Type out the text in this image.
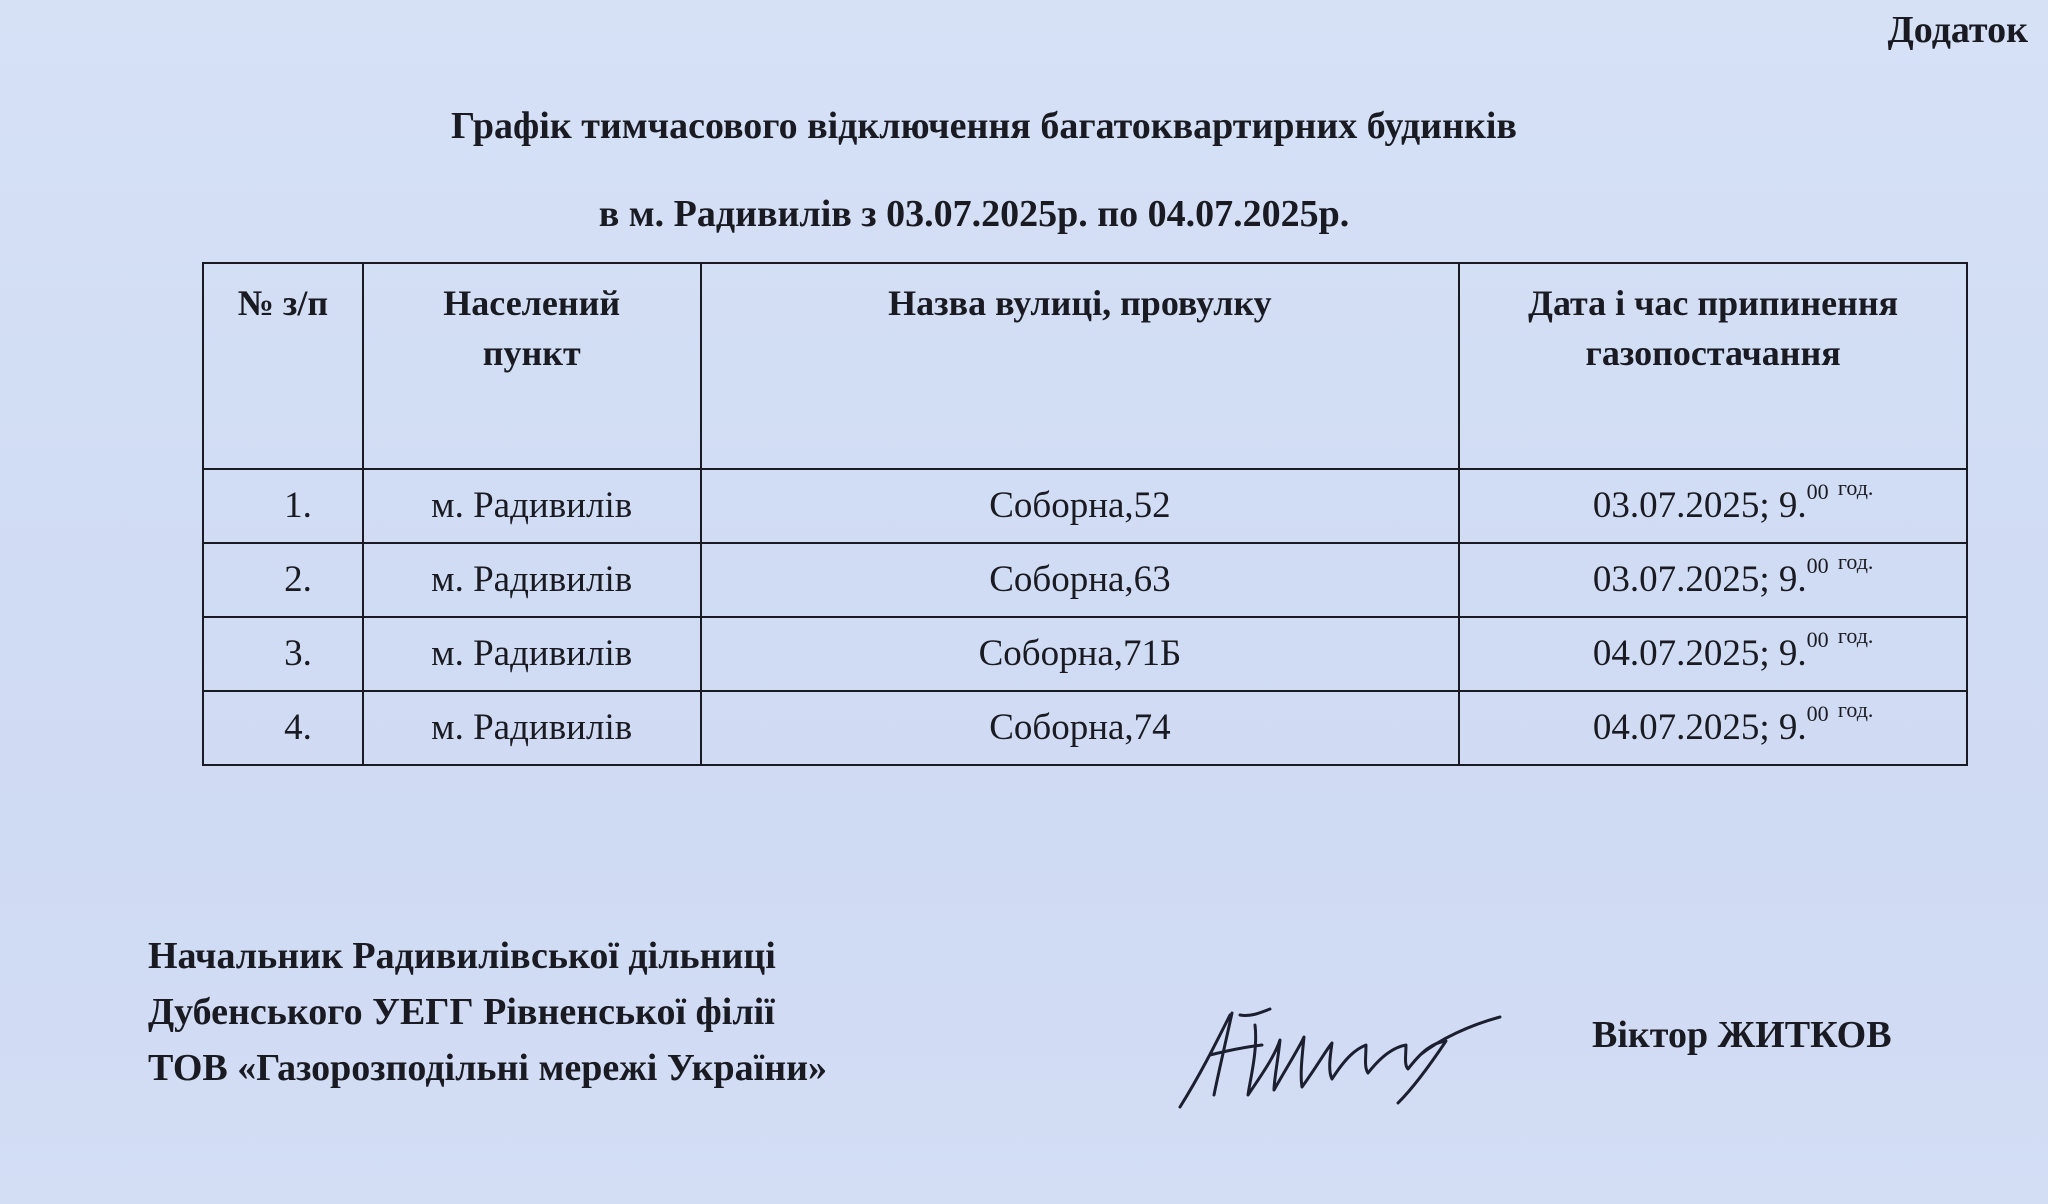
Додаток
Графік тимчасового відключення багатоквартирних будинків
в м. Радивилів з 03.07.2025р. по 04.07.2025р.
№ з/п	Населений пункт	Назва вулиці, провулку	Дата і час припинення газопостачання
1.	м. Радивилів	Соборна,52	03.07.2025; 9.00 $^{год.}$
2.	м. Радивилів	Соборна,63	03.07.2025; 9.00 $^{год.}$
3.	м. Радивилів	Соборна,71Б	04.07.2025; 9.00 $^{год.}$
4.	м. Радивилів	Соборна,74	04.07.2025; 9.00 $^{год.}$
Начальник Радивилівської дільниці
Дубенського УЕГГ Рівненської філії
ТОВ «Газорозподільні мережі України»
Віктор ЖИТКОВ
